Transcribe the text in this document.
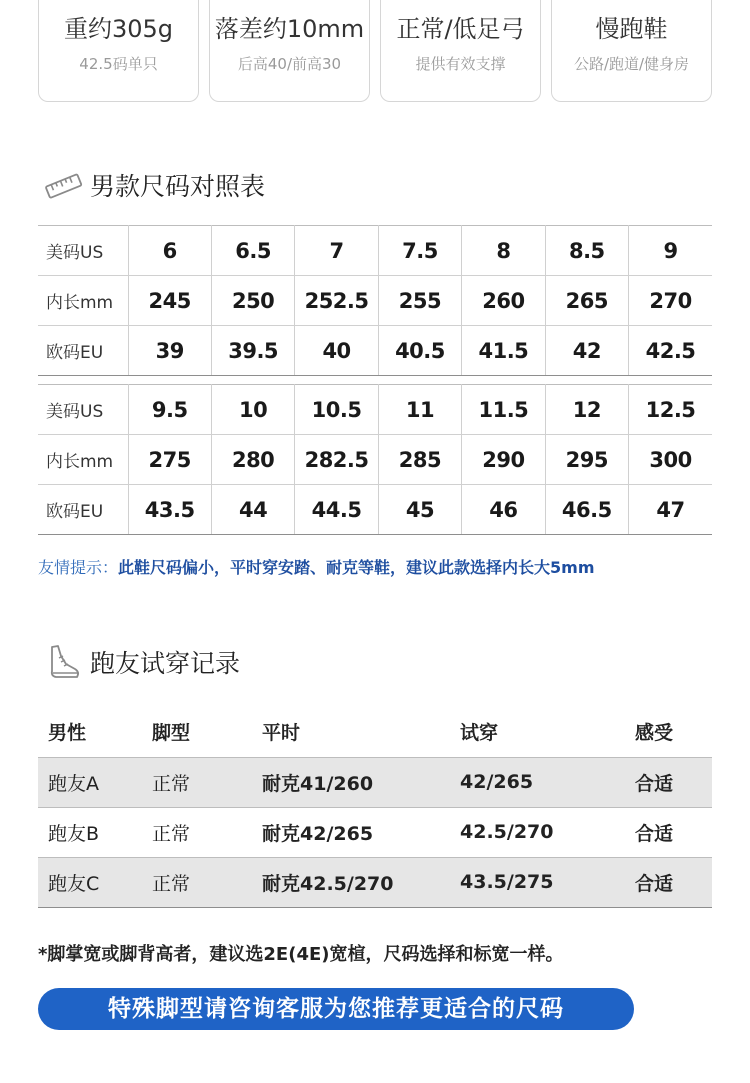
重约305g
42.5码单只
落差约10mm
后高40/前高30
正常/低足弓
提供有效支撑
慢跑鞋
公路/跑道/健身房
男款尺码对照表
美码US	6	6.5	7	7.5	8	8.5	9
内长mm	245	250	252.5	255	260	265	270
欧码EU	39	39.5	40	40.5	41.5	42	42.5
美码US	9.5	10	10.5	11	11.5	12	12.5
内长mm	275	280	282.5	285	290	295	300
欧码EU	43.5	44	44.5	45	46	46.5	47
友情提示：此鞋尺码偏小，平时穿安踏、耐克等鞋，建议此款选择内长大5mm
跑友试穿记录
男性	脚型	平时	试穿	感受
跑友A	正常	耐克41/260	42/265	合适
跑友B	正常	耐克42/265	42.5/270	合适
跑友C	正常	耐克42.5/270	43.5/275	合适
*脚掌宽或脚背高者，建议选2E(4E)宽楦，尺码选择和标宽一样。
特殊脚型请咨询客服为您推荐更适合的尺码
